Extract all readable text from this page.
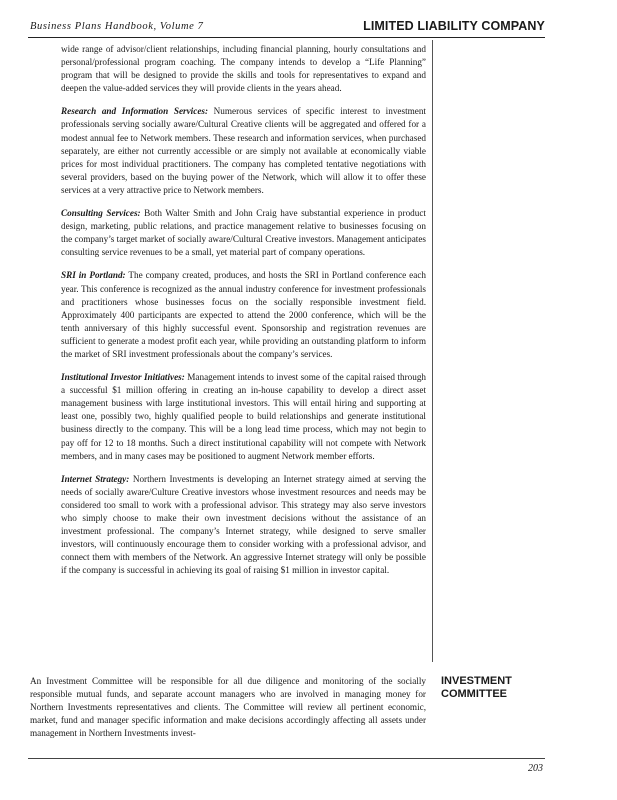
Business Plans Handbook, Volume 7	LIMITED LIABILITY COMPANY

wide range of advisor/client relationships, including financial planning, hourly consultations and personal/professional program coaching. The company intends to develop a “Life Planning” program that will be designed to provide the skills and tools for representatives to expand and deepen the value-added services they will provide clients in the years ahead.

Research and Information Services: Numerous services of specific interest to investment professionals serving socially aware/Cultural Creative clients will be aggregated and offered for a modest annual fee to Network members. These research and information services, when purchased separately, are either not currently accessible or are simply not available at economically viable prices for most individual practitioners. The company has completed tentative negotiations with several providers, based on the buying power of the Network, which will allow it to offer these services at a very attractive price to Network members.

Consulting Services: Both Walter Smith and John Craig have substantial experience in product design, marketing, public relations, and practice management relative to businesses focusing on the company’s target market of socially aware/Cultural Creative investors. Management anticipates consulting service revenues to be a small, yet material part of company operations.

SRI in Portland: The company created, produces, and hosts the SRI in Portland conference each year. This conference is recognized as the annual industry conference for investment professionals and practitioners whose businesses focus on the socially responsible investment field. Approximately 400 participants are expected to attend the 2000 conference, which will be the tenth anniversary of this highly successful event. Sponsorship and registration revenues are sufficient to generate a modest profit each year, while providing an outstanding platform to inform the market of SRI investment professionals about the company’s services.

Institutional Investor Initiatives: Management intends to invest some of the capital raised through a successful $1 million offering in creating an in-house capability to develop a direct asset management business with large institutional investors. This will entail hiring and supporting at least one, possibly two, highly qualified people to build relationships and generate institutional business directly to the company. This will be a long lead time process, which may not begin to pay off for 12 to 18 months. Such a direct institutional capability will not compete with Network members, and in many cases may be positioned to augment Network member efforts.

Internet Strategy: Northern Investments is developing an Internet strategy aimed at serving the needs of socially aware/Culture Creative investors whose investment resources and needs may be considered too small to work with a professional advisor. This strategy may also serve investors who simply choose to make their own investment decisions without the assistance of an investment professional. The company’s Internet strategy, while designed to serve smaller investors, will continuously encourage them to consider working with a professional advisor, and connect them with members of the Network. An aggressive Internet strategy will only be possible if the company is successful in achieving its goal of raising $1 million in investor capital.

An Investment Committee will be responsible for all due diligence and monitoring of the socially responsible mutual funds, and separate account managers who are involved in managing money for Northern Investments representatives and clients. The Committee will review all pertinent economic, market, fund and manager specific information and make decisions accordingly affecting all assets under management in Northern Investments invest-

INVESTMENT
COMMITTEE
203
